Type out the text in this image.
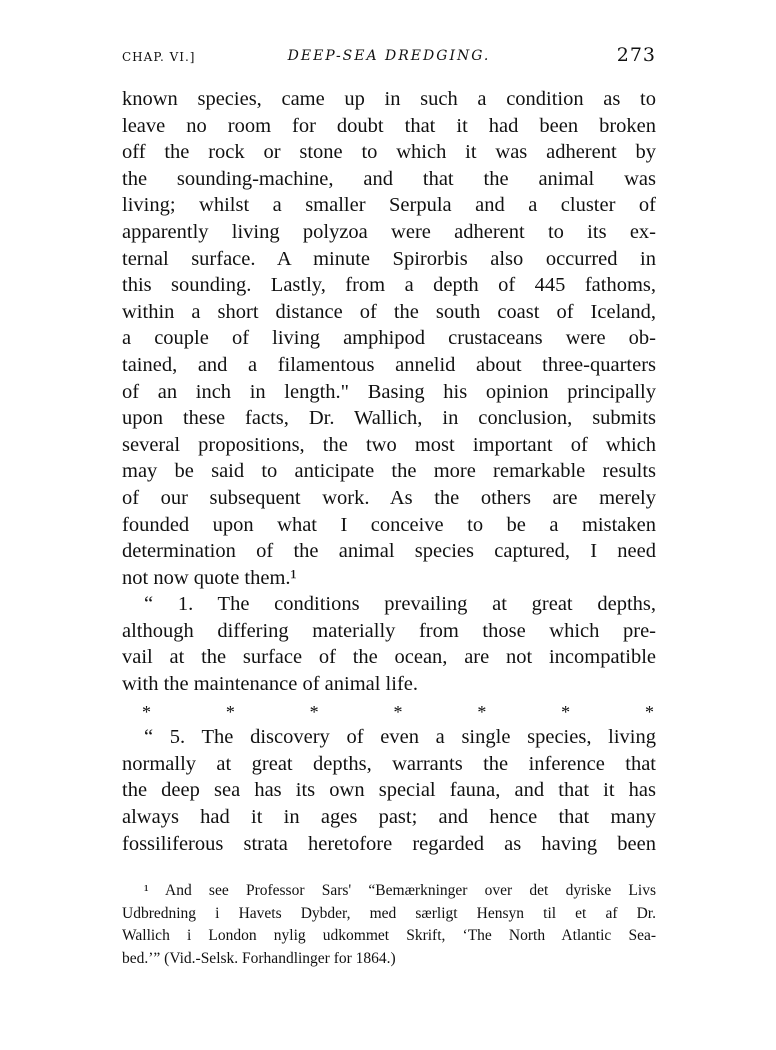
CHAP. VI.]	DEEP-SEA DREDGING.	273
known species, came up in such a condition as to
leave no room for doubt that it had been broken
off the rock or stone to which it was adherent by
the sounding-machine, and that the animal was
living; whilst a smaller Serpula and a cluster of
apparently living polyzoa were adherent to its ex-
ternal surface. A minute Spirorbis also occurred in
this sounding. Lastly, from a depth of 445 fathoms,
within a short distance of the south coast of Iceland,
a couple of living amphipod crustaceans were ob-
tained, and a filamentous annelid about three-quarters
of an inch in length." Basing his opinion principally
upon these facts, Dr. Wallich, in conclusion, submits
several propositions, the two most important of which
may be said to anticipate the more remarkable results
of our subsequent work. As the others are merely
founded upon what I conceive to be a mistaken
determination of the animal species captured, I need
not now quote them.¹
“ 1. The conditions prevailing at great depths,
although differing materially from those which pre-
vail at the surface of the ocean, are not incompatible
with the maintenance of animal life.
*	*	*	*	*	*	*
“ 5. The discovery of even a single species, living
normally at great depths, warrants the inference that
the deep sea has its own special fauna, and that it has
always had it in ages past; and hence that many
fossiliferous strata heretofore regarded as having been
¹ And see Professor Sars' “Bemærkninger over det dyriske Livs
Udbredning i Havets Dybder, med særligt Hensyn til et af Dr.
Wallich i London nylig udkommet Skrift, ‘The North Atlantic Sea-
bed.’” (Vid.-Selsk. Forhandlinger for 1864.)
